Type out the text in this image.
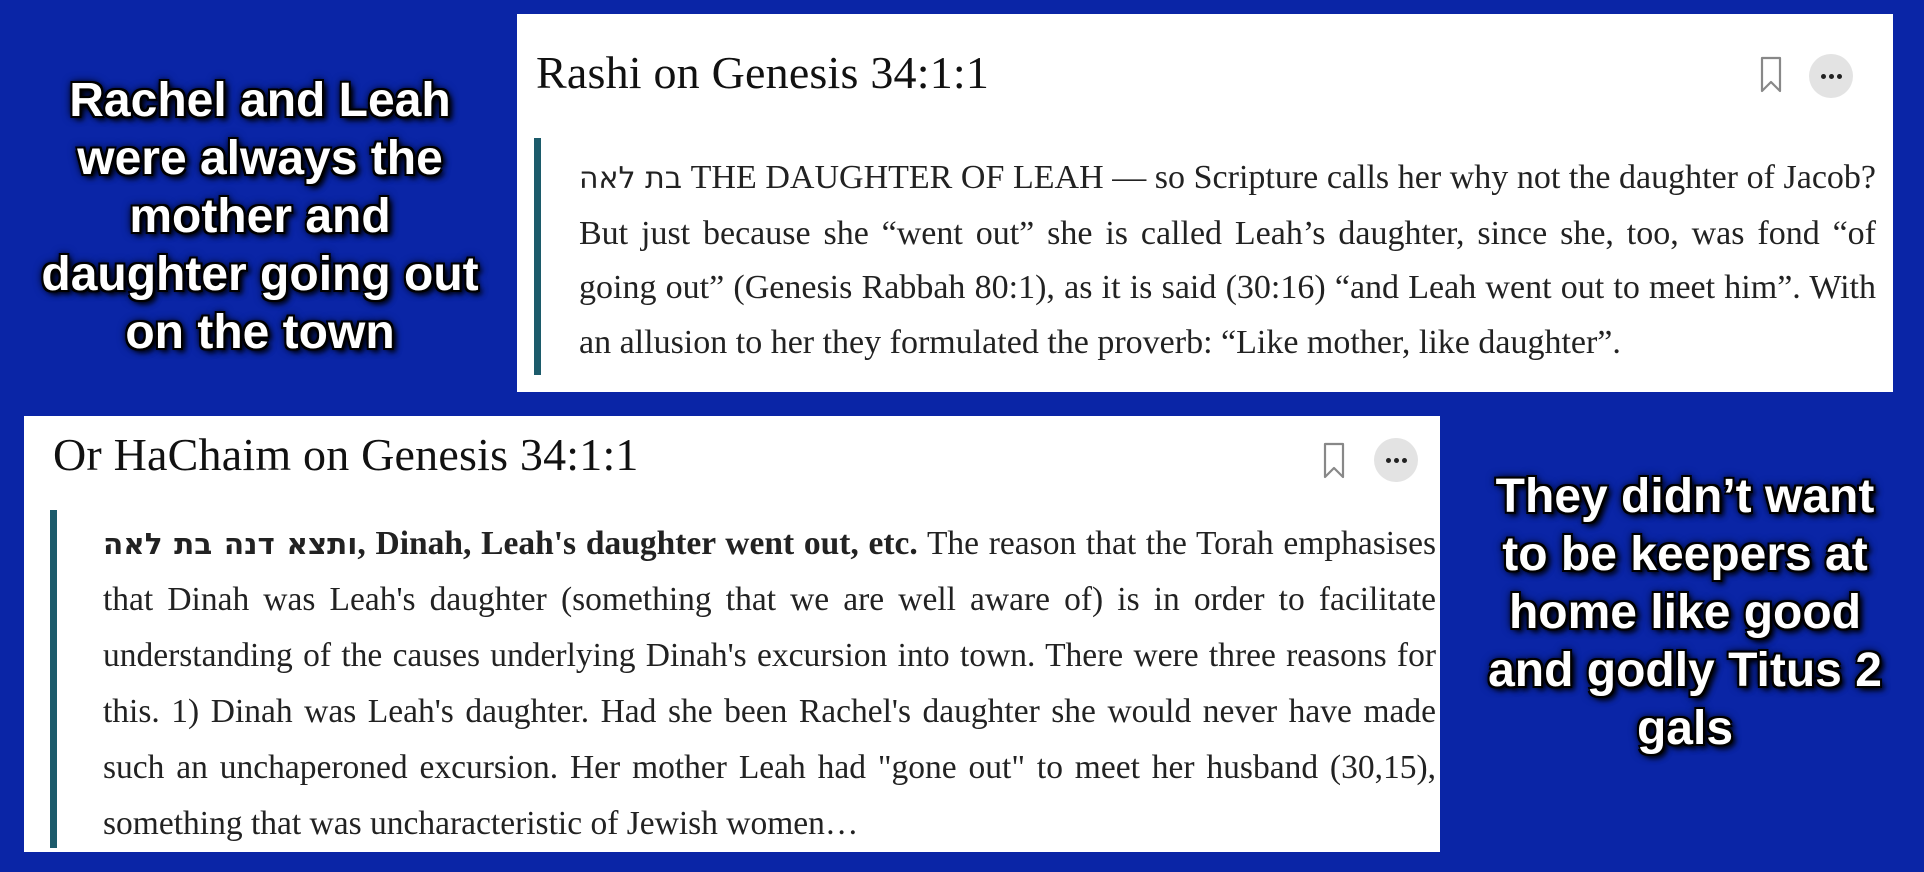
Rachel and Leah were always the mother and daughter going out on the town
Rashi on Genesis 34:1:1
בת לאה THE DAUGHTER OF LEAH — so Scripture calls her why not the daughter of Jacob? But just because she “went out” she is called Leah’s daughter, since she, too, was fond “of going out” (Genesis Rabbah 80:1), as it is said (30:16) “and Leah went out to meet him”. With an allusion to her they formulated the proverb: “Like mother, like daughter”.
Or HaChaim on Genesis 34:1:1
ותצא דנה בת לאה, Dinah, Leah's daughter went out, etc. The reason that the Torah emphasises that Dinah was Leah's daughter (something that we are well aware of) is in order to facilitate understanding of the causes underlying Dinah's excursion into town. There were three reasons for this. 1) Dinah was Leah's daughter. Had she been Rachel's daughter she would never have made such an unchaperoned excursion. Her mother Leah had "gone out" to meet her husband (30,15), something that was uncharacteristic of Jewish women…
They didn’t want to be keepers at home like good and godly Titus 2 gals
